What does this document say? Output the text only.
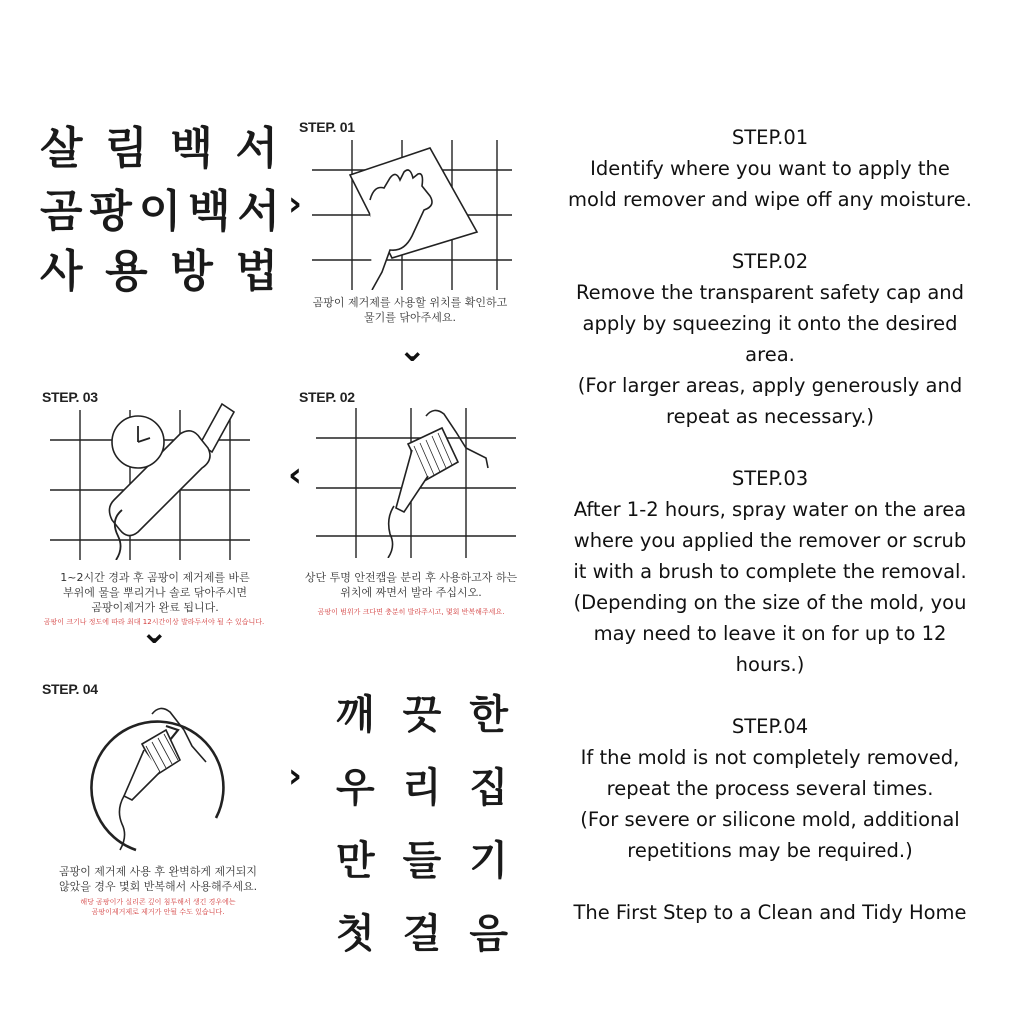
살 림 백 서
곰 팡 이 백 서
사 용 방 법
›
STEP. 01
곰팡이 제거제를 사용할 위치를 확인하고
물기를 닦아주세요.
⌄
STEP. 02
‹
상단 투명 안전캡을 분리 후 사용하고자 하는
위치에 짜면서 발라 주십시오.
곰팡이 범위가 크다면 충분히 발라주시고, 몇회 반복해주세요.
STEP. 03
1~2시간 경과 후 곰팡이 제거제를 바른
부위에 물을 뿌리거나 솔로 닦아주시면
곰팡이제거가 완료 됩니다.
곰팡이 크기나 정도에 따라 최대 12시간이상 발라두셔야 될 수 있습니다.
⌄
STEP. 04
곰팡이 제거제 사용 후 완벽하게 제거되지
않았을 경우 몇회 반복해서 사용해주세요.
해당 곰팡이가 실리콘 깊이 침투해서 생긴 경우에는
곰팡이제거제로 제거가 안될 수도 있습니다.
›
깨 끗 한
우 리 집
만 들 기
첫 걸 음

STEP.01

Identify where you want to apply the

mold remover and wipe off any moisture.

STEP.02

Remove the transparent safety cap and

apply by squeezing it onto the desired

area.

(For larger areas, apply generously and

repeat as necessary.)

STEP.03

After 1-2 hours, spray water on the area

where you applied the remover or scrub

it with a brush to complete the removal.

(Depending on the size of the mold, you

may need to leave it on for up to 12

hours.)

STEP.04

If the mold is not completely removed,

repeat the process several times.

(For severe or silicone mold, additional

repetitions may be required.)

The First Step to a Clean and Tidy Home
